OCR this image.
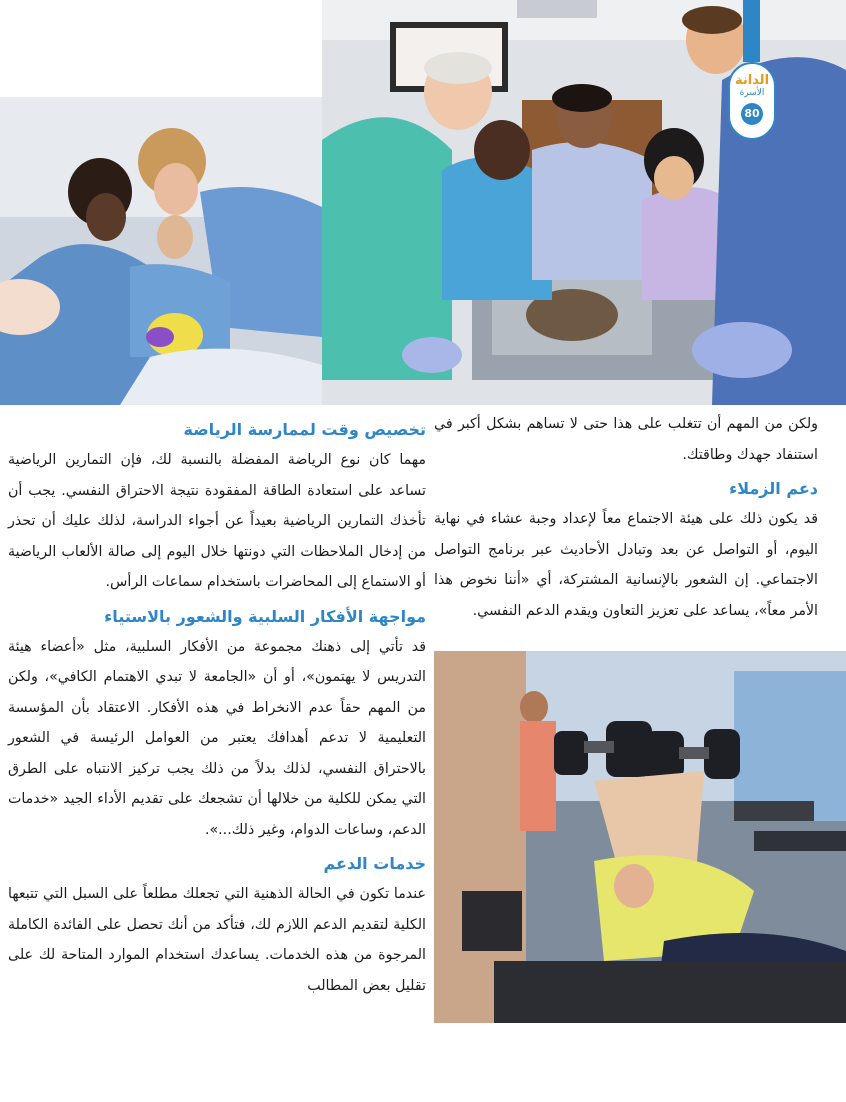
الدانة
الأسرة
80

ولكن من المهم أن تتغلب على هذا حتى لا تساهم بشكل أكبر في استنفاد جهدك وطاقتك.

دعم الزملاء

قد يكون ذلك على هيئة الاجتماع معاً لإعداد وجبة عشاء في نهاية اليوم، أو التواصل عن بعد وتبادل الأحاديث عبر برنامج التواصل الاجتماعي. إن الشعور بالإنسانية المشتركة، أي «أننا نخوض هذا الأمر معاً»، يساعد على تعزيز التعاون ويقدم الدعم النفسي.

تخصيص وقت لممارسة الرياضة

مهما كان نوع الرياضة المفضلة بالنسبة لك، فإن التمارين الرياضية تساعد على استعادة الطاقة المفقودة نتيجة الاحتراق النفسي. يجب أن تأخذك التمارين الرياضية بعيداً عن أجواء الدراسة، لذلك عليك أن تحذر من إدخال الملاحظات التي دونتها خلال اليوم إلى صالة الألعاب الرياضية أو الاستماع إلى المحاضرات باستخدام سماعات الرأس.

مواجهة الأفكار السلبية والشعور بالاستياء

قد تأتي إلى ذهنك مجموعة من الأفكار السلبية، مثل «أعضاء هيئة التدريس لا يهتمون»، أو أن «الجامعة لا تبدي الاهتمام الكافي»، ولكن من المهم حقاً عدم الانخراط في هذه الأفكار. الاعتقاد بأن المؤسسة التعليمية لا تدعم أهدافك يعتبر من العوامل الرئيسة في الشعور بالاحتراق النفسي، لذلك بدلاً من ذلك يجب تركيز الانتباه على الطرق التي يمكن للكلية من خلالها أن تشجعك على تقديم الأداء الجيد «خدمات الدعم، وساعات الدوام، وغير ذلك...».

خدمات الدعم

عندما تكون في الحالة الذهنية التي تجعلك مطلعاً على السبل التي تتبعها الكلية لتقديم الدعم اللازم لك، فتأكد من أنك تحصل على الفائدة الكاملة المرجوة من هذه الخدمات. يساعدك استخدام الموارد المتاحة لك على تقليل بعض المطالب
